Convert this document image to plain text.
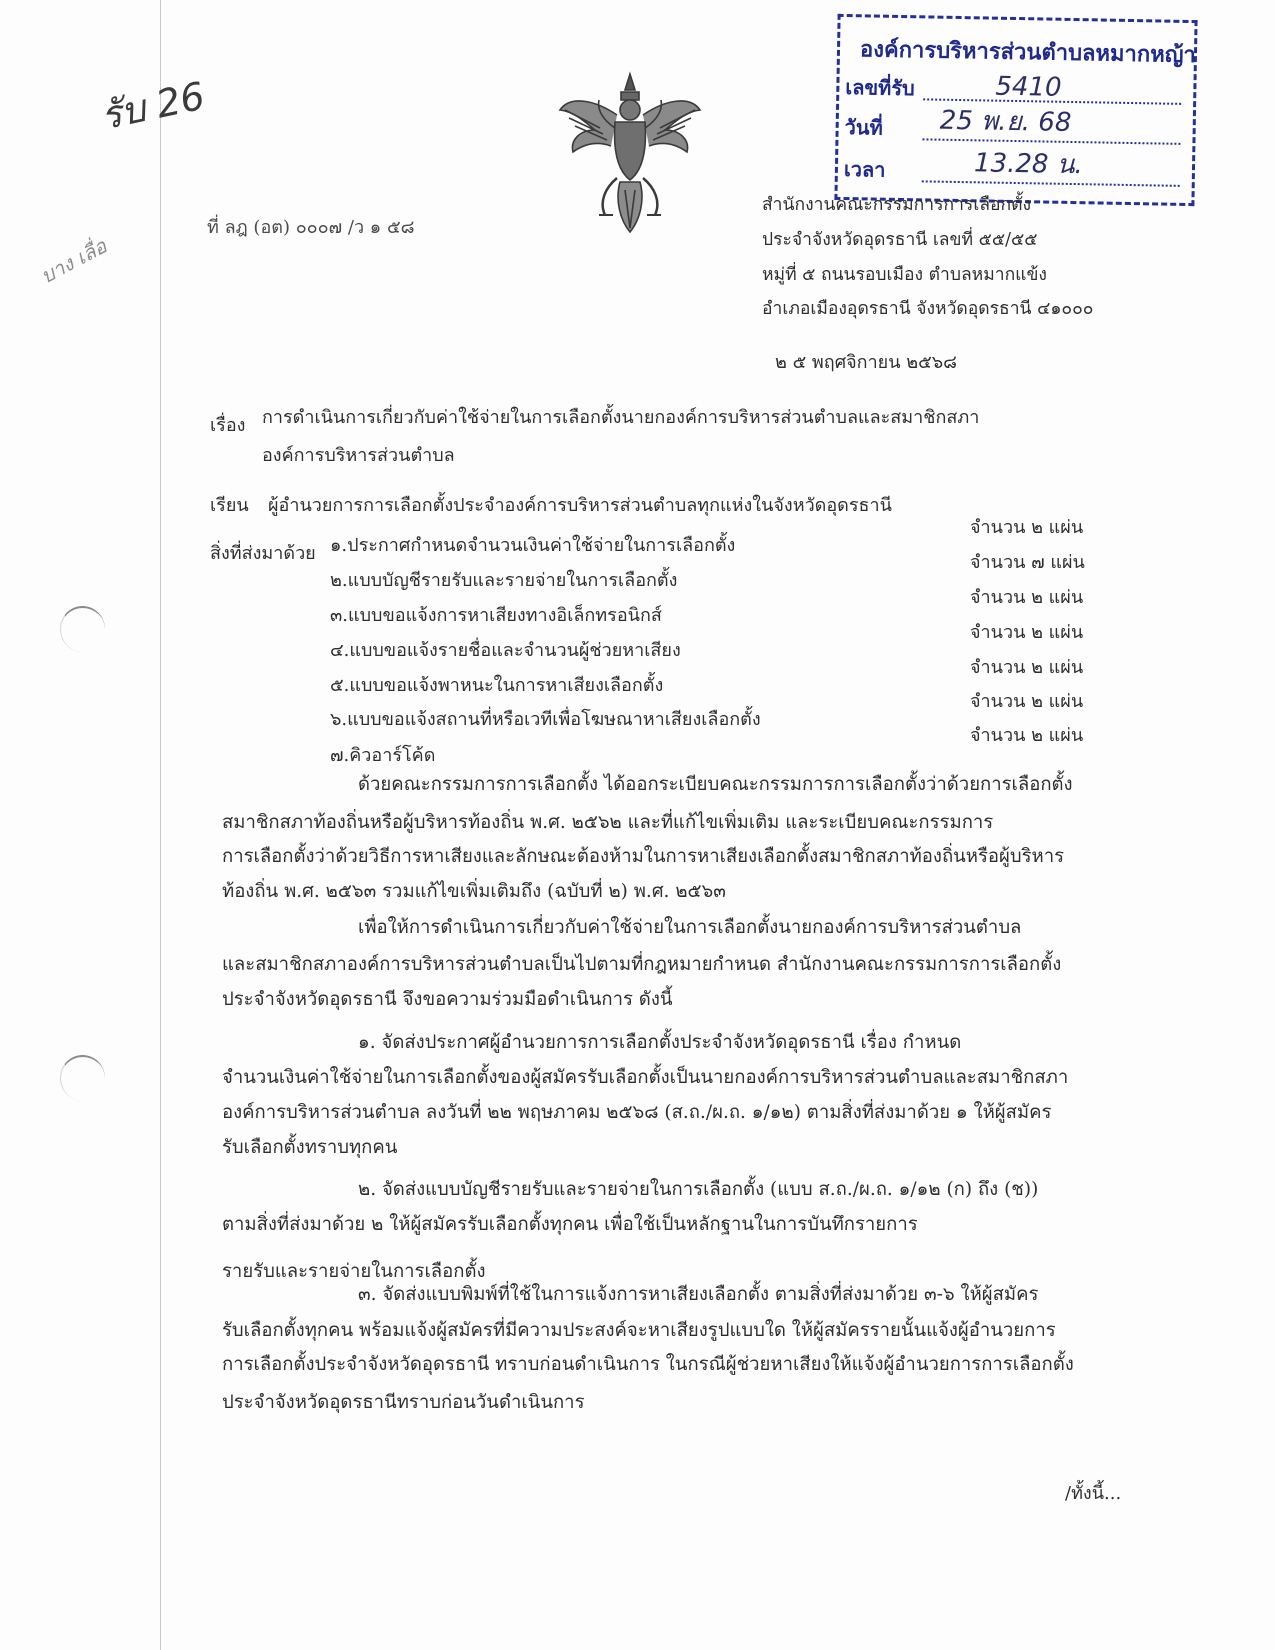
รับ 26
บาง เลื่อ
องค์การบริหารส่วนตำบลหมากหญ้า
เลขที่รับ	5410
วันที่ 25 พ.ย. 68
เวลา	13.28 น.
ที่ ลฎ (อต) ๐๐๐๗ /ว ๑ ๕๘
สำนักงานคณะกรรมการการเลือกตั้ง
ประจำจังหวัดอุดรธานี เลขที่ ๕๕/๕๕
หมู่ที่ ๕ ถนนรอบเมือง ตำบลหมากแข้ง
อำเภอเมืองอุดรธานี จังหวัดอุดรธานี ๔๑๐๐๐
๒ ๕ พฤศจิกายน ๒๕๖๘
เรื่อง การดำเนินการเกี่ยวกับค่าใช้จ่ายในการเลือกตั้งนายกองค์การบริหารส่วนตำบลและสมาชิกสภา
องค์การบริหารส่วนตำบล
เรียน ผู้อำนวยการการเลือกตั้งประจำองค์การบริหารส่วนตำบลทุกแห่งในจังหวัดอุดรธานี
สิ่งที่ส่งมาด้วย ๑.ประกาศกำหนดจำนวนเงินค่าใช้จ่ายในการเลือกตั้ง
๒.แบบบัญชีรายรับและรายจ่ายในการเลือกตั้ง
๓.แบบขอแจ้งการหาเสียงทางอิเล็กทรอนิกส์
๔.แบบขอแจ้งรายชื่อและจำนวนผู้ช่วยหาเสียง
๕.แบบขอแจ้งพาหนะในการหาเสียงเลือกตั้ง
๖.แบบขอแจ้งสถานที่หรือเวทีเพื่อโฆษณาหาเสียงเลือกตั้ง
๗.คิวอาร์โค้ด
จำนวน ๒ แผ่น
จำนวน ๗ แผ่น
จำนวน ๒ แผ่น
จำนวน ๒ แผ่น
จำนวน ๒ แผ่น
จำนวน ๒ แผ่น
จำนวน ๒ แผ่น
ด้วยคณะกรรมการการเลือกตั้ง ได้ออกระเบียบคณะกรรมการการเลือกตั้งว่าด้วยการเลือกตั้ง
สมาชิกสภาท้องถิ่นหรือผู้บริหารท้องถิ่น พ.ศ. ๒๕๖๒ และที่แก้ไขเพิ่มเติม และระเบียบคณะกรรมการ
การเลือกตั้งว่าด้วยวิธีการหาเสียงและลักษณะต้องห้ามในการหาเสียงเลือกตั้งสมาชิกสภาท้องถิ่นหรือผู้บริหาร
ท้องถิ่น พ.ศ. ๒๕๖๓ รวมแก้ไขเพิ่มเติมถึง (ฉบับที่ ๒) พ.ศ. ๒๕๖๓
เพื่อให้การดำเนินการเกี่ยวกับค่าใช้จ่ายในการเลือกตั้งนายกองค์การบริหารส่วนตำบล
และสมาชิกสภาองค์การบริหารส่วนตำบลเป็นไปตามที่กฎหมายกำหนด สำนักงานคณะกรรมการการเลือกตั้ง
ประจำจังหวัดอุดรธานี จึงขอความร่วมมือดำเนินการ ดังนี้
๑. จัดส่งประกาศผู้อำนวยการการเลือกตั้งประจำจังหวัดอุดรธานี เรื่อง กำหนด
จำนวนเงินค่าใช้จ่ายในการเลือกตั้งของผู้สมัครรับเลือกตั้งเป็นนายกองค์การบริหารส่วนตำบลและสมาชิกสภา
องค์การบริหารส่วนตำบล ลงวันที่ ๒๒ พฤษภาคม ๒๕๖๘ (ส.ถ./ผ.ถ. ๑/๑๒) ตามสิ่งที่ส่งมาด้วย ๑ ให้ผู้สมัคร
รับเลือกตั้งทราบทุกคน
๒. จัดส่งแบบบัญชีรายรับและรายจ่ายในการเลือกตั้ง (แบบ ส.ถ./ผ.ถ. ๑/๑๒ (ก) ถึง (ช))
ตามสิ่งที่ส่งมาด้วย ๒ ให้ผู้สมัครรับเลือกตั้งทุกคน เพื่อใช้เป็นหลักฐานในการบันทึกรายการ
รายรับและรายจ่ายในการเลือกตั้ง
๓. จัดส่งแบบพิมพ์ที่ใช้ในการแจ้งการหาเสียงเลือกตั้ง ตามสิ่งที่ส่งมาด้วย ๓-๖ ให้ผู้สมัคร
รับเลือกตั้งทุกคน พร้อมแจ้งผู้สมัครที่มีความประสงค์จะหาเสียงรูปแบบใด ให้ผู้สมัครรายนั้นแจ้งผู้อำนวยการ
การเลือกตั้งประจำจังหวัดอุดรธานี ทราบก่อนดำเนินการ ในกรณีผู้ช่วยหาเสียงให้แจ้งผู้อำนวยการการเลือกตั้ง
ประจำจังหวัดอุดรธานีทราบก่อนวันดำเนินการ
/ทั้งนี้...
